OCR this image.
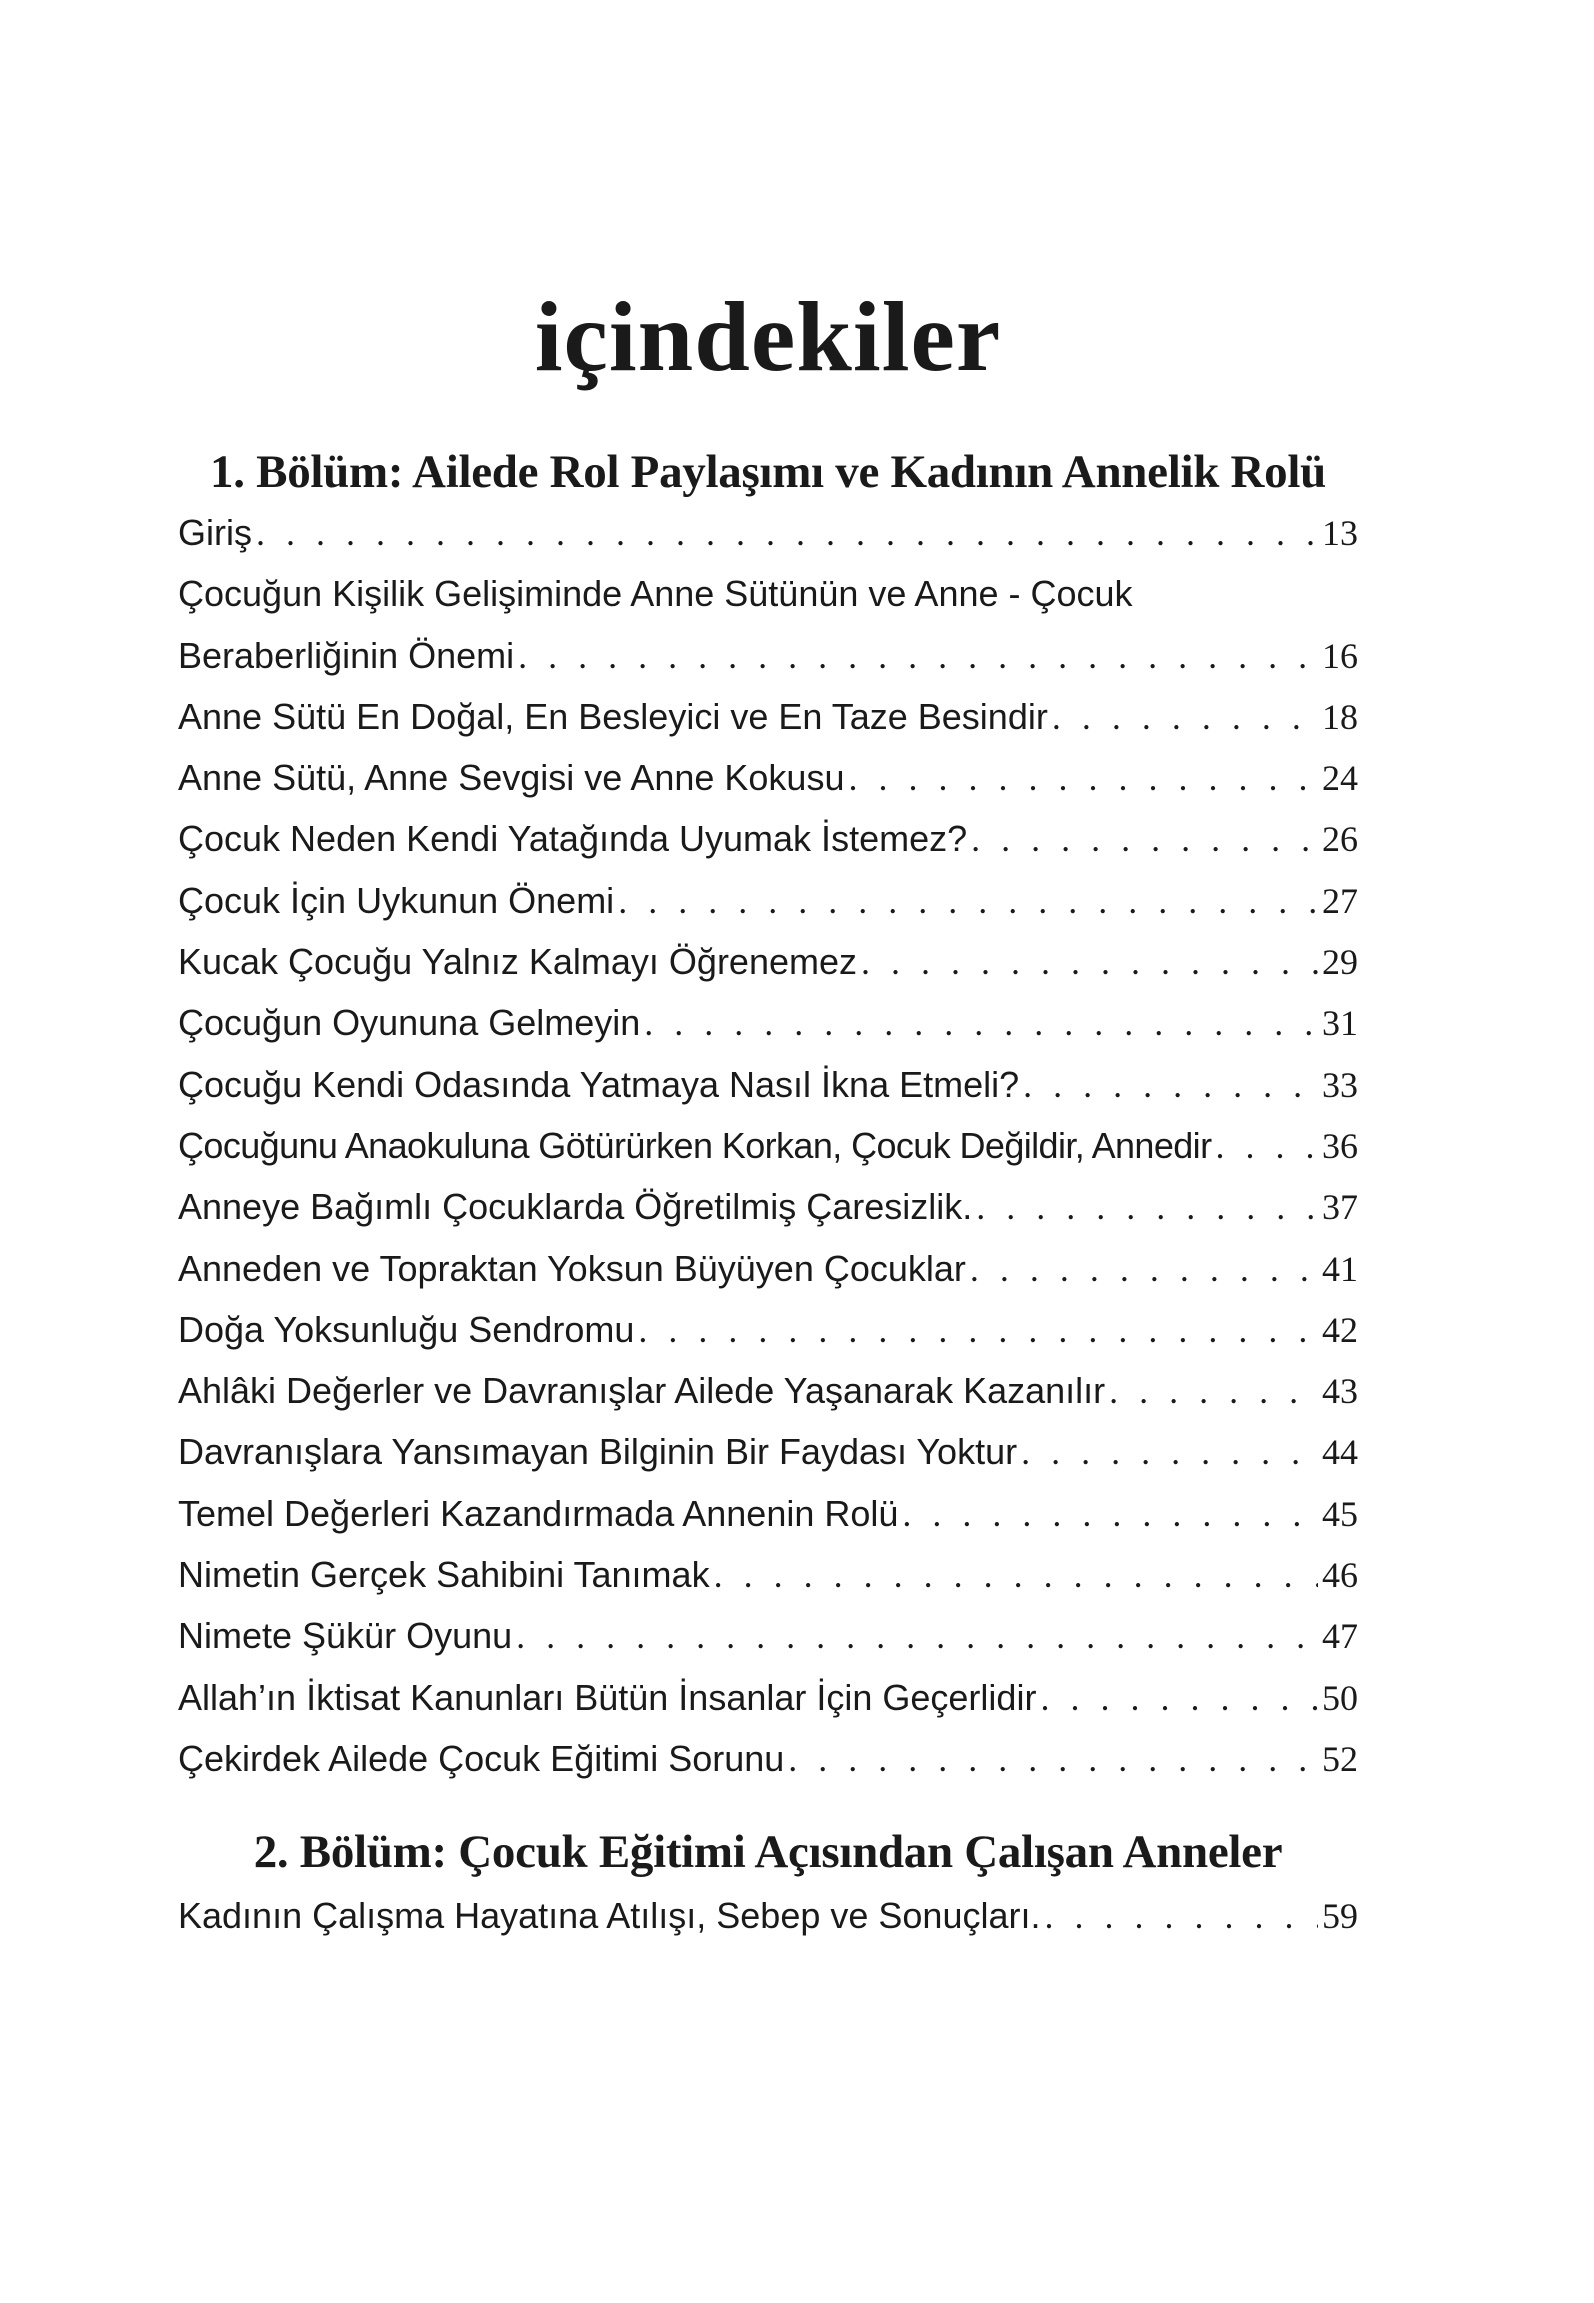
içindekiler
1. Bölüm: Ailede Rol Paylaşımı ve Kadının Annelik Rolü
Giriş . . .	13
Çocuğun Kişilik Gelişiminde Anne Sütünün ve Anne - Çocuk
Beraberliğinin Önemi . . .	16
Anne Sütü En Doğal, En Besleyici ve En Taze Besindir . . .	18
Anne Sütü, Anne Sevgisi ve Anne Kokusu . . .	24
Çocuk Neden Kendi Yatağında Uyumak İstemez? . . .	26
Çocuk İçin Uykunun Önemi . . .	27
Kucak Çocuğu Yalnız Kalmayı Öğrenemez . . .	29
Çocuğun Oyununa Gelmeyin . . .	31
Çocuğu Kendi Odasında Yatmaya Nasıl İkna Etmeli? . . .	33
Çocuğunu Anaokuluna Götürürken Korkan, Çocuk Değildir, Annedir . . .	36
Anneye Bağımlı Çocuklarda Öğretilmiş Çaresizlik. . . .	37
Anneden ve Topraktan Yoksun Büyüyen Çocuklar . . .	41
Doğa Yoksunluğu Sendromu . . .	42
Ahlâki Değerler ve Davranışlar Ailede Yaşanarak Kazanılır . . .	43
Davranışlara Yansımayan Bilginin Bir Faydası Yoktur . . .	44
Temel Değerleri Kazandırmada Annenin Rolü . . .	45
Nimetin Gerçek Sahibini Tanımak . . .	46
Nimete Şükür Oyunu . . .	47
Allah’ın İktisat Kanunları Bütün İnsanlar İçin Geçerlidir . . .	50
Çekirdek Ailede Çocuk Eğitimi Sorunu . . .	52
2. Bölüm: Çocuk Eğitimi Açısından Çalışan Anneler
Kadının Çalışma Hayatına Atılışı, Sebep ve Sonuçları. . . .	59
